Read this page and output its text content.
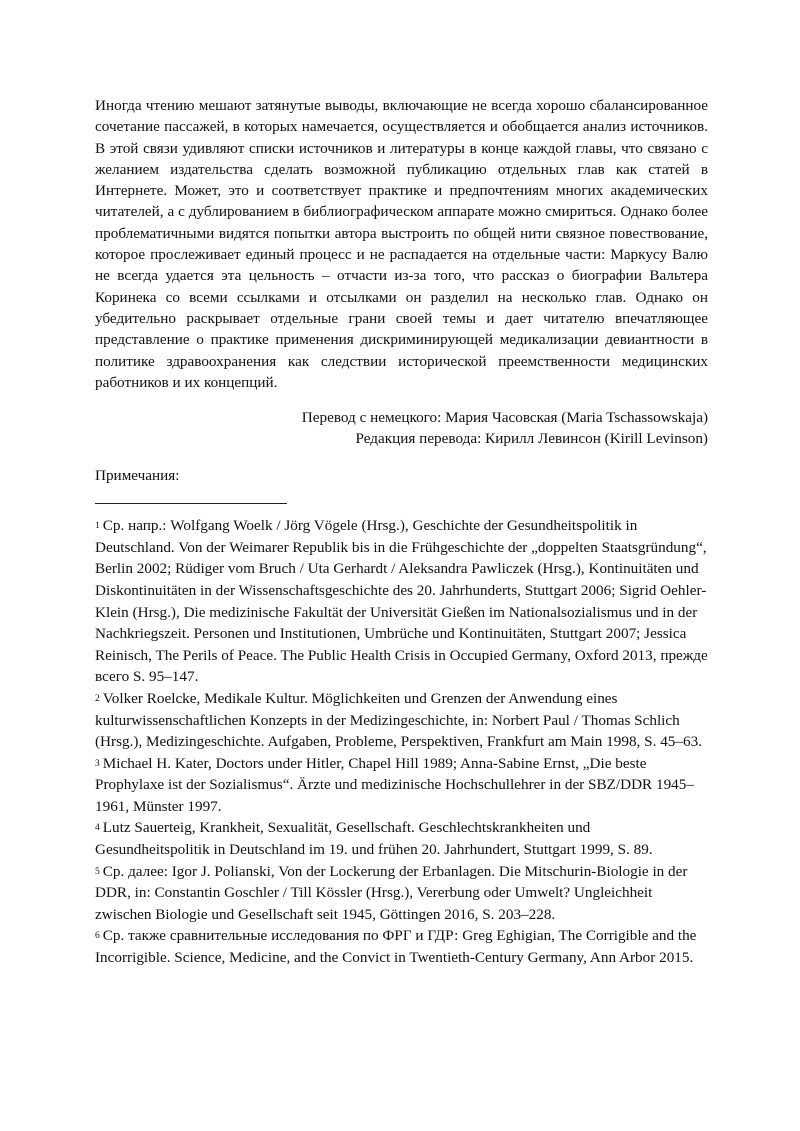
Иногда чтению мешают затянутые выводы, включающие не всегда хорошо сбалансированное сочетание пассажей, в которых намечается, осуществляется и обобщается анализ источников. В этой связи удивляют списки источников и литературы в конце каждой главы, что связано с желанием издательства сделать возможной публикацию отдельных глав как статей в Интернете. Может, это и соответствует практике и предпочтениям многих академических читателей, а с дублированием в библиографическом аппарате можно смириться. Однако более проблематичными видятся попытки автора выстроить по общей нити связное повествование, которое прослеживает единый процесс и не распадается на отдельные части: Маркусу Валю не всегда удается эта цельность – отчасти из-за того, что рассказ о биографии Вальтера Коринека со всеми ссылками и отсылками он разделил на несколько глав. Однако он убедительно раскрывает отдельные грани своей темы и дает читателю впечатляющее представление о практике применения дискриминирующей медикализации девиантности в политике здравоохранения как следствии исторической преемственности медицинских работников и их концепций.

Перевод с немецкого: Мария Часовская (Maria Tschassowskaja)
Редакция перевода: Кирилл Левинсон (Kirill Levinson)
Примечания:

$^1$ Ср. напр.: Wolfgang Woelk / Jörg Vögele (Hrsg.), Geschichte der Gesundheitspolitik in Deutschland. Von der Weimarer Republik bis in die Frühgeschichte der „doppelten Staatsgründung“, Berlin 2002; Rüdiger vom Bruch / Uta Gerhardt / Aleksandra Pawliczek (Hrsg.), Kontinuitäten und Diskontinuitäten in der Wissenschaftsgeschichte des 20. Jahrhunderts, Stuttgart 2006; Sigrid Oehler-Klein (Hrsg.), Die medizinische Fakultät der Universität Gießen im Nationalsozialismus und in der Nachkriegszeit. Personen und Institutionen, Umbrüche und Kontinuitäten, Stuttgart 2007; Jessica Reinisch, The Perils of Peace. The Public Health Crisis in Occupied Germany, Oxford 2013, прежде всего S. 95–147.

$^2$ Volker Roelcke, Medikale Kultur. Möglichkeiten und Grenzen der Anwendung eines kulturwissenschaftlichen Konzepts in der Medizingeschichte, in: Norbert Paul / Thomas Schlich (Hrsg.), Medizingeschichte. Aufgaben, Probleme, Perspektiven, Frankfurt am Main 1998, S. 45–63.

$^3$ Michael H. Kater, Doctors under Hitler, Chapel Hill 1989; Anna-Sabine Ernst, „Die beste Prophylaxe ist der Sozialismus“. Ärzte und medizinische Hochschullehrer in der SBZ/DDR 1945–1961, Münster 1997.

$^4$ Lutz Sauerteig, Krankheit, Sexualität, Gesellschaft. Geschlechtskrankheiten und Gesundheitspolitik in Deutschland im 19. und frühen 20. Jahrhundert, Stuttgart 1999, S. 89.

$^5$ Ср. далее: Igor J. Polianski, Von der Lockerung der Erbanlagen. Die Mitschurin-Biologie in der DDR, in: Constantin Goschler / Till Kössler (Hrsg.), Vererbung oder Umwelt? Ungleichheit zwischen Biologie und Gesellschaft seit 1945, Göttingen 2016, S. 203–228.

$^6$ Ср. также сравнительные исследования по ФРГ и ГДР: Greg Eghigian, The Corrigible and the Incorrigible. Science, Medicine, and the Convict in Twentieth-Century Germany, Ann Arbor 2015.
